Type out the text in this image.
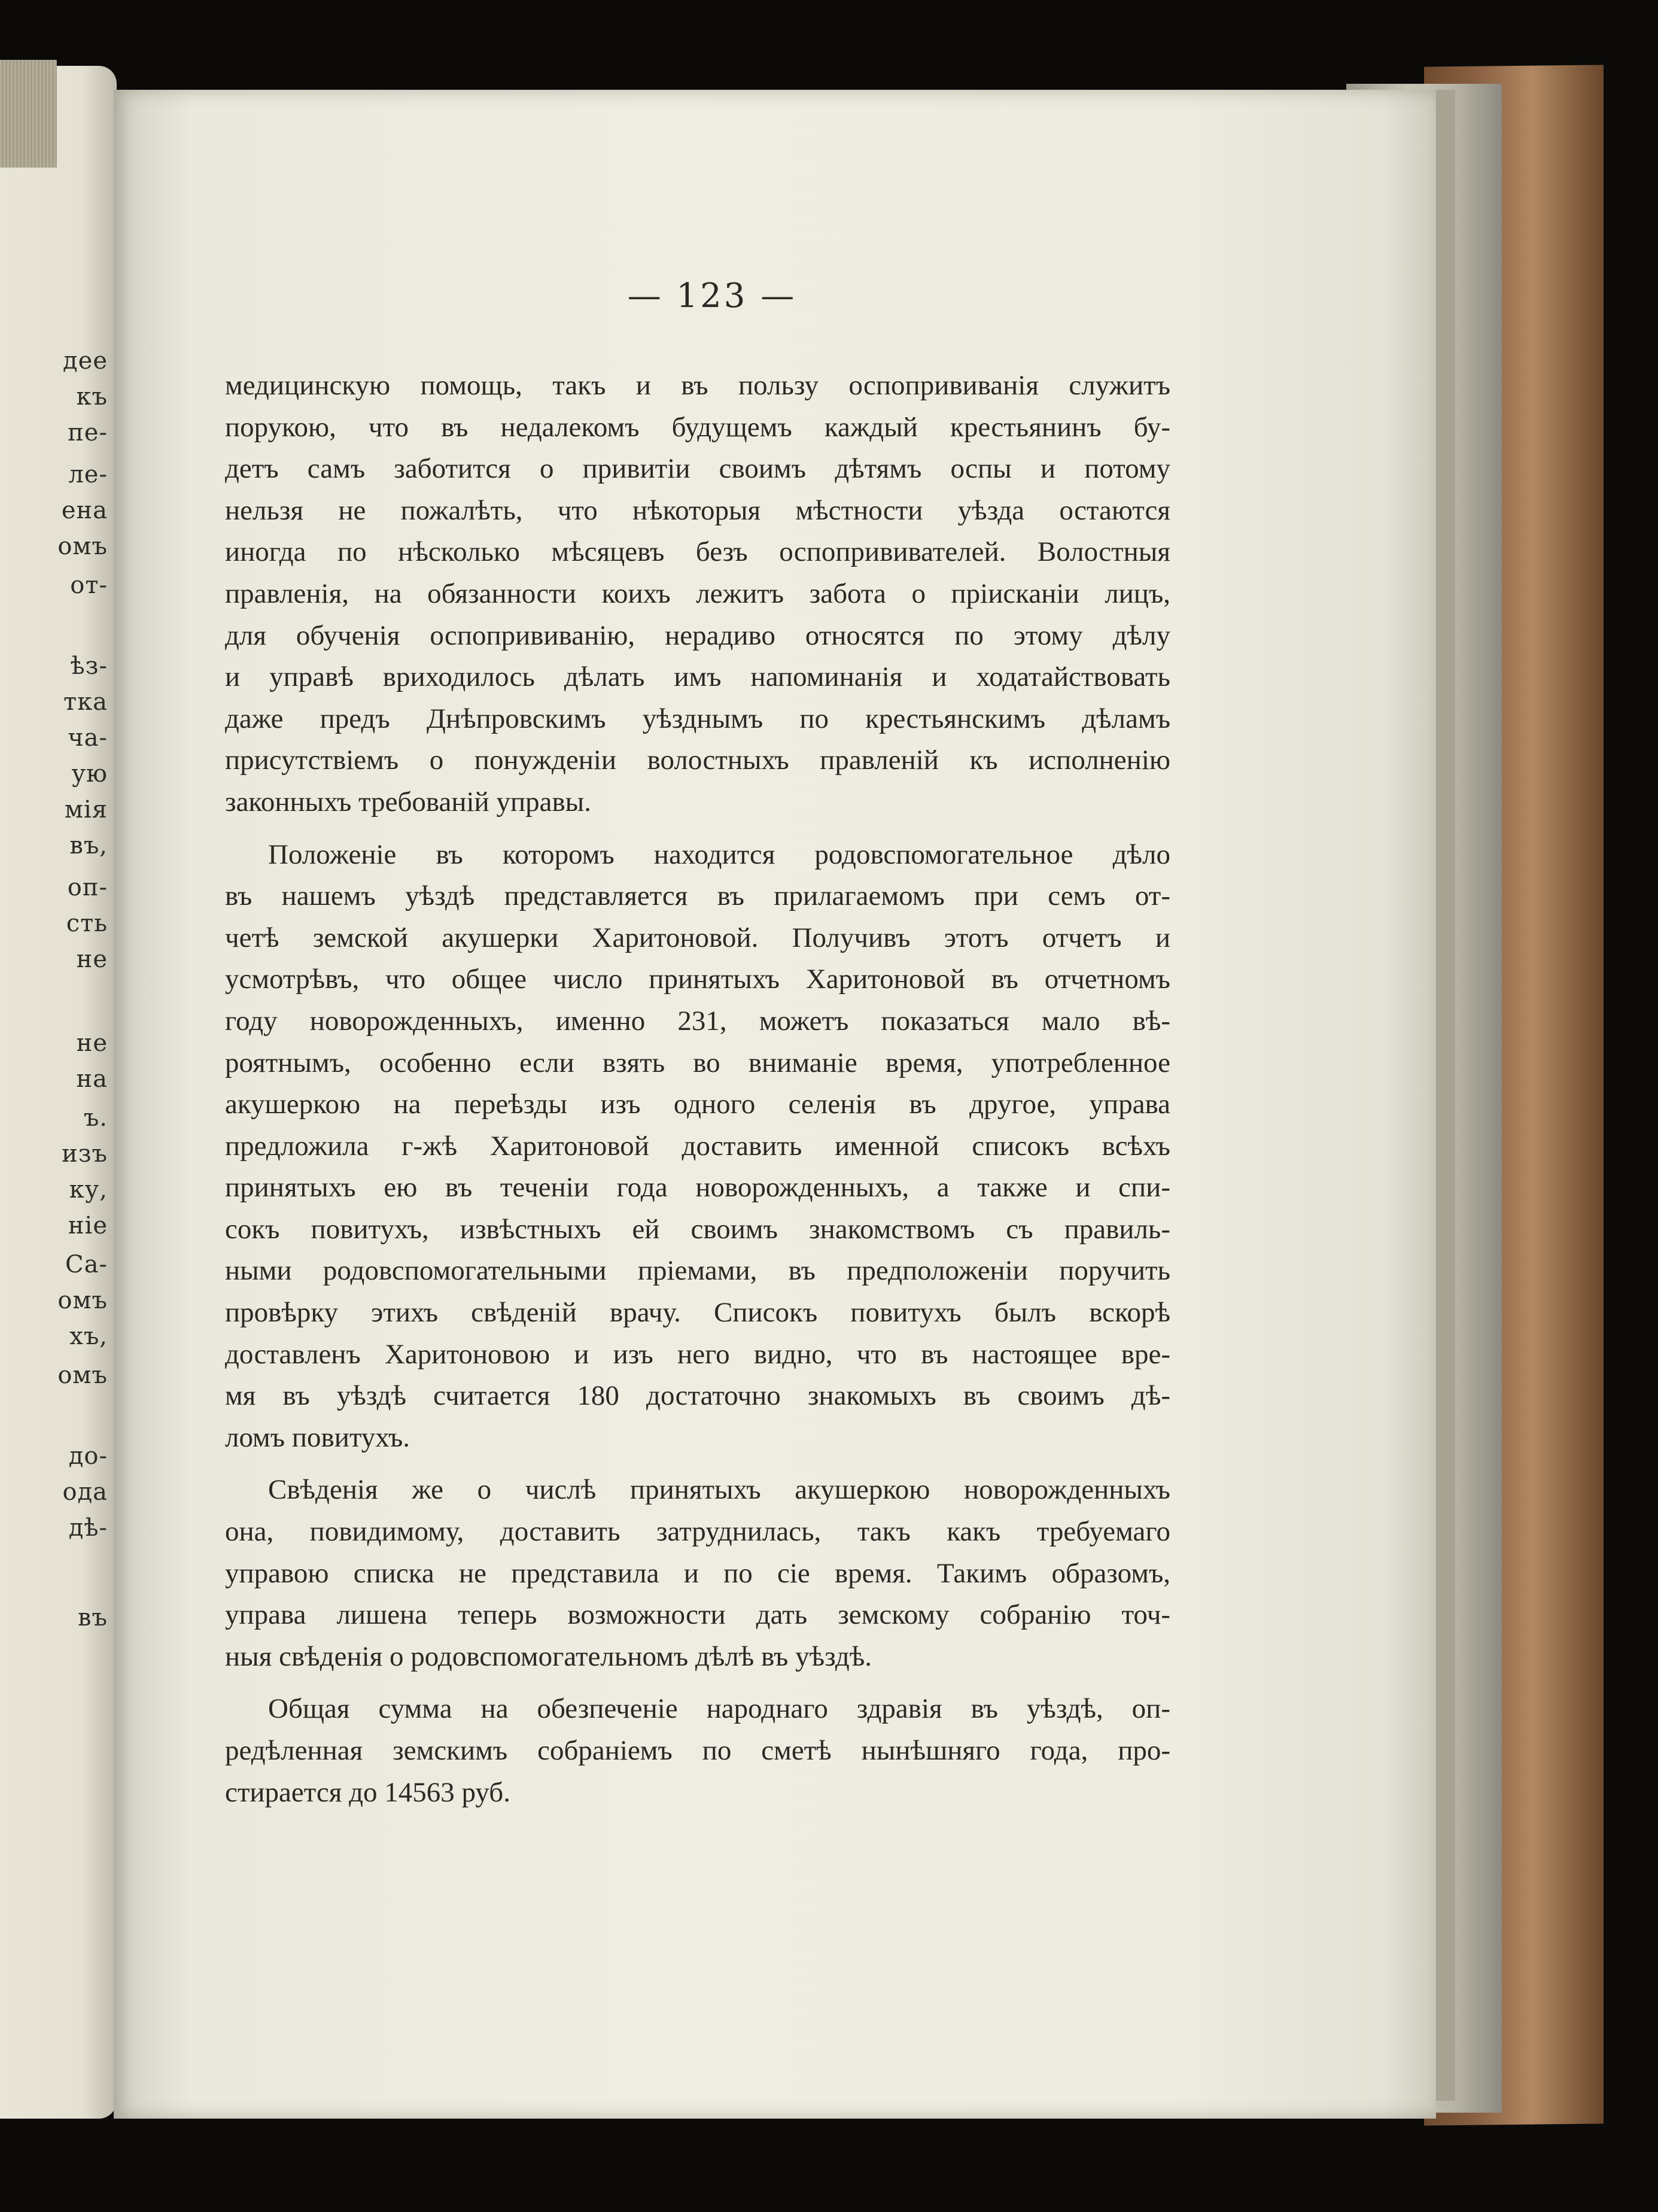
дее
къ
пе-
ле-
ена
омъ
от-
ѣз-
тка
ча-
ую
мія
въ,
оп-
сть
не
не
на
ъ.
изъ
ку,
ніе
Са-
омъ
хъ,
омъ
до-
ода
дѣ-
въ
— 123 —
медицинскую помощь, такъ и въ пользу оспопрививанія служитъ
порукою, что въ недалекомъ будущемъ каждый крестьянинъ бу-
детъ самъ заботится о привитіи своимъ дѣтямъ оспы и потому
нельзя не пожалѣть, что нѣкоторыя мѣстности уѣзда остаются
иногда по нѣсколько мѣсяцевъ безъ оспопрививателей. Волостныя
правленія, на обязанности коихъ лежитъ забота о пріисканіи лицъ,
для обученія оспопрививанію, нерадиво относятся по этому дѣлу
и управѣ вриходилось дѣлать имъ напоминанія и ходатайствовать
даже предъ Днѣпровскимъ уѣзднымъ по крестьянскимъ дѣламъ
присутствіемъ о понужденіи волостныхъ правленій къ исполненію
законныхъ требованій управы.
Положеніе въ которомъ находится родовспомогательное дѣло
въ нашемъ уѣздѣ представляется въ прилагаемомъ при семъ от-
четѣ земской акушерки Харитоновой. Получивъ этотъ отчетъ и
усмотрѣвъ, что общее число принятыхъ Харитоновой въ отчетномъ
году новорожденныхъ, именно 231, можетъ показаться мало вѣ-
роятнымъ, особенно если взять во вниманіе время, употребленное
акушеркою на переѣзды изъ одного селенія въ другое, управа
предложила г-жѣ Харитоновой доставить именной списокъ всѣхъ
принятыхъ ею въ теченіи года новорожденныхъ, а также и спи-
сокъ повитухъ, извѣстныхъ ей своимъ знакомствомъ съ правиль-
ными родовспомогательными пріемами, въ предположеніи поручить
провѣрку этихъ свѣденій врачу. Списокъ повитухъ былъ вскорѣ
доставленъ Харитоновою и изъ него видно, что въ настоящее вре-
мя въ уѣздѣ считается 180 достаточно знакомыхъ въ своимъ дѣ-
ломъ повитухъ.
Свѣденія же о числѣ принятыхъ акушеркою новорожденныхъ
она, повидимому, доставить затруднилась, такъ какъ требуемаго
управою списка не представила и по сіе время. Такимъ образомъ,
управа лишена теперь возможности дать земскому собранію точ-
ныя свѣденія о родовспомогательномъ дѣлѣ въ уѣздѣ.
Общая сумма на обезпеченіе народнаго здравія въ уѣздѣ, оп-
редѣленная земскимъ собраніемъ по сметѣ нынѣшняго года, про-
стирается до 14563 руб.
